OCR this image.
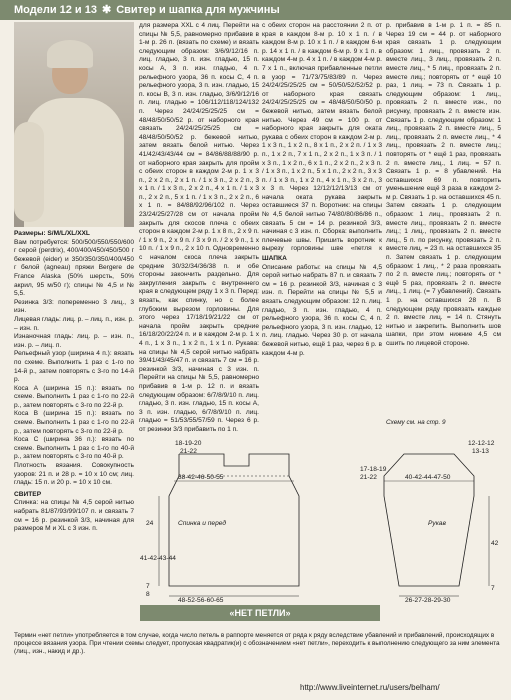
Модели 12 и 13 ✱ Свитер и шапка для мужчины
Размеры: S/M/L/XL/XXL
Вам потребуется: 500/500/550/550/600 г серой (perdrix), 400/400/450/450/500 г бежевой (eider) и 350/350/350/400/450 г белой (agneau) пряжи Bergere de France Alaska (50% шерсть, 50% акрил, 95 м/50 г); спицы № 4,5 и № 5,5.
Резинка 3/3: попеременно 3 лиц., 3 изн.
Лицевая гладь: лиц. р. – лиц. п., изн. р. – изн. п.
Изнаночная гладь: лиц. р. – изн. п., изн. р. – лиц. п.
Рельефный узор (ширина 4 п.): вязать по схеме. Выполнить 1 раз с 1-го по 14-й р., затем повторять с 3-го по 14-й р.
Коса А (ширина 15 п.): вязать по схеме. Выполнить 1 раз с 1-го по 22-й р., затем повторять с 3-го по 22-й р.
Коса В (ширина 15 п.): вязать по схеме. Выполнить 1 раз с 1-го по 22-й р., затем повторять с 3-го по 22-й р.
Коса С (ширина 36 п.): вязать по схеме. Выполнить 1 раз с 1-го по 40-й р., затем повторять с 3-го по 40-й р.
Плотность вязания. Совокупность узоров: 21 п. и 28 р. = 10 х 10 см; лиц. гладь: 15 п. и 20 р. = 10 х 10 см.
СВИТЕР
Спинка: на спицы № 4,5 серой нитью набрать 81/87/93/99/107 п. и связать 7 см = 16 р. резинкой 3/3, начиная для размеров M и XL с 3 изн. п.
для размера XXL с 4 лиц. Перейти на спицы № 5,5, равномерно прибавив в 1-м р. 26 п. (вязать по схеме) и вязать следующим образом: 3/6/9/12/16 п. лиц. гладью, 3 п. изн. гладью, 15 п. косы А, 3 п. изн. гладью, 4 п. рельефного узора, 36 п. косы С, 4 п. рельефного узора, 3 п. изн. гладью, 15 п. косы В, 3 п. изн. гладью, 3/6/9/12/16 п. лиц. гладью = 106/112/118/124/132 п. Через 24/24/25/25/25 см = 48/48/50/50/52 р. от наборного края связать 24/24/25/25/25 см = 48/48/50/50/52 р. бежевой нитью, затем вязать белой нитью. Через 41/42/43/43/44 см = 84/86/88/88/90 р. от наборного края закрыть для пройм с обеих сторон в каждом 2-м р. 1 x 3 п., 2 x 2 п., 2 x 1 п. / 1 x 3 п., 2 x 2 п., 3 x 1 п. / 1 x 3 п., 2 x 2 п., 4 x 1 п. / 1 x 3 п., 2 x 2 п., 5 x 1 п. / 1 x 3 п., 2 x 2 п., 6 x 1 п. = 84/88/92/96/102 п. Через 23/24/25/27/28 см от начала пройм закрыть для скосов плеча с обеих сторон в каждом 2-м р. 1 x 8 п., 2 x 9 п. / 1 x 9 п., 2 x 9 п. / 3 x 9 п. / 2 x 9 п., 1 x 10 п. / 1 x 9 п., 2 x 10 п. Одновременно с началом скоса плеча закрыть средние 30/32/34/36/38 п. и обе стороны закончить раздельно. Для закругления закрыть с внутреннего края в следующем ряду 1 x 3 п. Перед: вязать, как спинку, но с более глубоким вырезом горловины. Для этого через 17/18/19/21/22 см от начала пройм закрыть средние 16/18/20/22/24 п. и в каждом 2-м р. 1 x 4 п., 1 x 3 п., 1 x 2 п., 1 x 1 п. Рукава: на спицы № 4,5 серой нитью набрать 39/41/43/45/47 п. и связать 7 см = 16 р. резинкой 3/3, начиная с 3 изн. п. Перейти на спицы № 5,5, равномерно прибавив в 1-м р. 12 п. и вязать следующим образом: 6/7/8/9/10 п. лиц. гладью, 3 п. изн. гладью, 15 п. косы А, 3 п. изн. гладью, 6/7/8/9/10 п. лиц. гладью = 51/53/55/57/59 п. Через 6 р. от резинки 3/3 прибавить по 1 п.
с обеих сторон на расстоянии 2 п. от края в каждом 8-м р. 10 x 1 п. / в каждом 8-м р. 10 x 1 п. / в каждом 6-м р. 14 x 1 п. / в каждом 6-м р. 9 x 1 п. в каждом 4-м р. 4 x 1 п. / в каждом 4-м р. 7 x 1 п., включая прибавленные петли в узор = 71/73/75/83/89 п. Через 24/24/25/25/25 см = 50/50/52/52/52 р. от наборного края связать 24/24/25/25/25 см = 48/48/50/50/50 р. бежевой нитью, затем вязать белой нитью. Через 49 см = 100 р. от наборного края закрыть для оката рукава с обеих сторон в каждом 2-м р. 1 x 3 п., 1 x 2 п., 8 x 1 п., 2 x 2 п. / 1 x 3 п., 1 x 2 п., 7 x 1 п., 2 x 2 п., 1 x 3 п. / 1 x 3 п., 1 x 2 п., 6 x 1 п., 2 x 2 п., 2 x 3 п. / 1 x 3 п., 1 x 2 п., 5 x 1 п., 2 x 2 п., 3 x 3 п. / 1 x 3 п., 1 x 2 п., 4 x 1 п., 3 x 2 п., 3 x 3 п. Через 12/12/12/13/13 см от начала оката рукава закрыть оставшиеся 37 п. Воротник: на спицы № 4,5 белой нитью 74/80/80/86/86 п., связать 5 см = 14 р. резинкой 3/3, начиная с 3 изн. п. Сборка: выполнить плечевые швы. Пришить воротник к вырезу горловины шве «петля к
ШАПКА
Описание работы: на спицы № 4,5 серой нитью набрать 87 п. и связать 7 см = 16 р. резинкой 3/3, начиная с 3 изн. п. Перейти на спицы № 5,5 и вязать следующим образом: 12 п. лиц. гладью, 3 п. изн. гладью, 4 п. рельефного узора, 36 п. косы С, 4 п. рельефного узора, 3 п. изн. гладью, 12 п. лиц. гладью. Через 30 р. от начала бежевой нитью, ещё 1 раз, через 6 р. в каждом 4-м р.
р. прибавив в 1-м р. 1 п. = 85 п. Через 19 см = 44 р. от наборного края связать 1 р. следующим образом: 1 лиц., провязать 2 п. вместе лиц., 3 лиц., провязать 2 п. вместе лиц., * 5 лиц., провязать 2 п. вместе лиц.; повторять от * ещё 10 раз, 1 лиц. = 73 п. Связать 1 р. следующим образом: 1 лиц., провязать 2 п. вместе изн., по рисунку, провязать 2 п. вместе изн. Связать 1 р. следующим образом: 1 лиц., провязать 2 п. вместе лиц., 5 лиц., провязать 2 п. вместе лиц., * 4 лиц., провязать 2 п. вместе лиц.; повторять от * ещё 1 раз, провязать 2 п. вместе лиц., 1 лиц. = 57 п. Связать 1 р. = 8 убавлений. На оставшихся 69 п. повторить уменьшение ещё 3 раза в каждом 2-м р. Связать 1 р. на оставшихся 45 п. Затем связать 1 р. следующим образом: 1 лиц., провязать 2 п. вместе лиц., провязать 2 п. вместе лиц.; 1 лиц., провязать 2 п. вместе лиц., 5 п. по рисунку, провязать 2 п. вместе лиц. = 23 п. на оставшихся 35 п. Затем связать 1 р. следующим образом: 1 лиц., * 2 раза провязать по 2 п. вместе лиц.; повторять от * ещё 5 раз, провязать 2 п. вместе лиц., 1 лиц. (= 7 убавлений). Связать 1 р. на оставшихся 28 п. В следующем ряду провязать каждые 2 п. вместе лиц. = 14 п. Стянуть нитью и закрепить. Выполнить шов шапки, при этом нижние 4,5 см сшить по лицевой стороне.
Схему см. на стр. 9
18-19-20
21-22
38-42-46-50-55
Спинка и перед
48-52-56-60-65
24
41-42-43-44
17-18-19
21-22
7
8
12-12-12
13-13
40-42-44-47-50
Рукав
42
7
26-27-28-29-30
«НЕТ ПЕТЛИ»
Термин «нет петли» употребляется в том случае, когда число петель в раппорте меняется от ряда к ряду вследствие убавлений и прибавлений, происходящих в процессе вязания узора. При чтении схемы следует, пропуская квадратик(и) с обозначением «нет петли», переходить к выполнению следующего за ним элемента (лиц., изн., накид и др.).
http://www.liveinternet.ru/users/belham/
